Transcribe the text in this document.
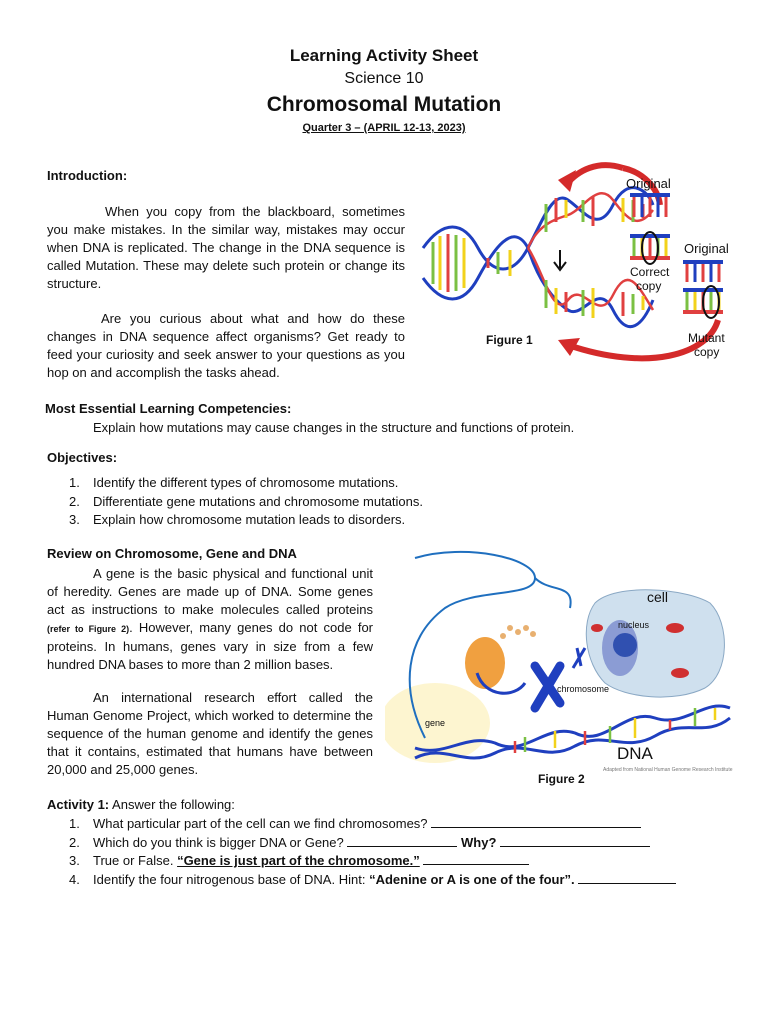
Learning Activity Sheet
Science 10
Chromosomal Mutation
Quarter 3 – (APRIL 12-13, 2023)
Introduction:
When you copy from the blackboard, sometimes you make mistakes. In the similar way, mistakes may occur when DNA is replicated. The change in the DNA sequence is called Mutation. These may delete such protein or change its structure.
Are you curious about what and how do these changes in DNA sequence affect organisms? Get ready to feed your curiosity and seek answer to your questions as you hop on and accomplish the tasks ahead.
Original
Correct
copy
Original
Mutant
copy
Figure 1
Most Essential Learning Competencies:
Explain how mutations may cause changes in the structure and functions of protein.
Objectives:
1. Identify the different types of chromosome mutations.
2. Differentiate gene mutations and chromosome mutations.
3. Explain how chromosome mutation leads to disorders.
Review on Chromosome, Gene and DNA
A gene is the basic physical and functional unit of heredity. Genes are made up of DNA. Some genes act as instructions to make molecules called proteins (refer to Figure 2). However, many genes do not code for proteins. In humans, genes vary in size from a few hundred DNA bases to more than 2 million bases.
An international research effort called the Human Genome Project, which worked to determine the sequence of the human genome and identify the genes that it contains, estimated that humans have between 20,000 and 25,000 genes.
cell
nucleus
chromosome
gene
DNA
Adapted from National Human Genome Research Institute
Figure 2
Activity 1: Answer the following:
1. What particular part of the cell can we find chromosomes?
2. Which do you think is bigger DNA or Gene?	Why?
3. True or False. “Gene is just part of the chromosome.”
4. Identify the four nitrogenous base of DNA. Hint: “Adenine or A is one of the four”.
